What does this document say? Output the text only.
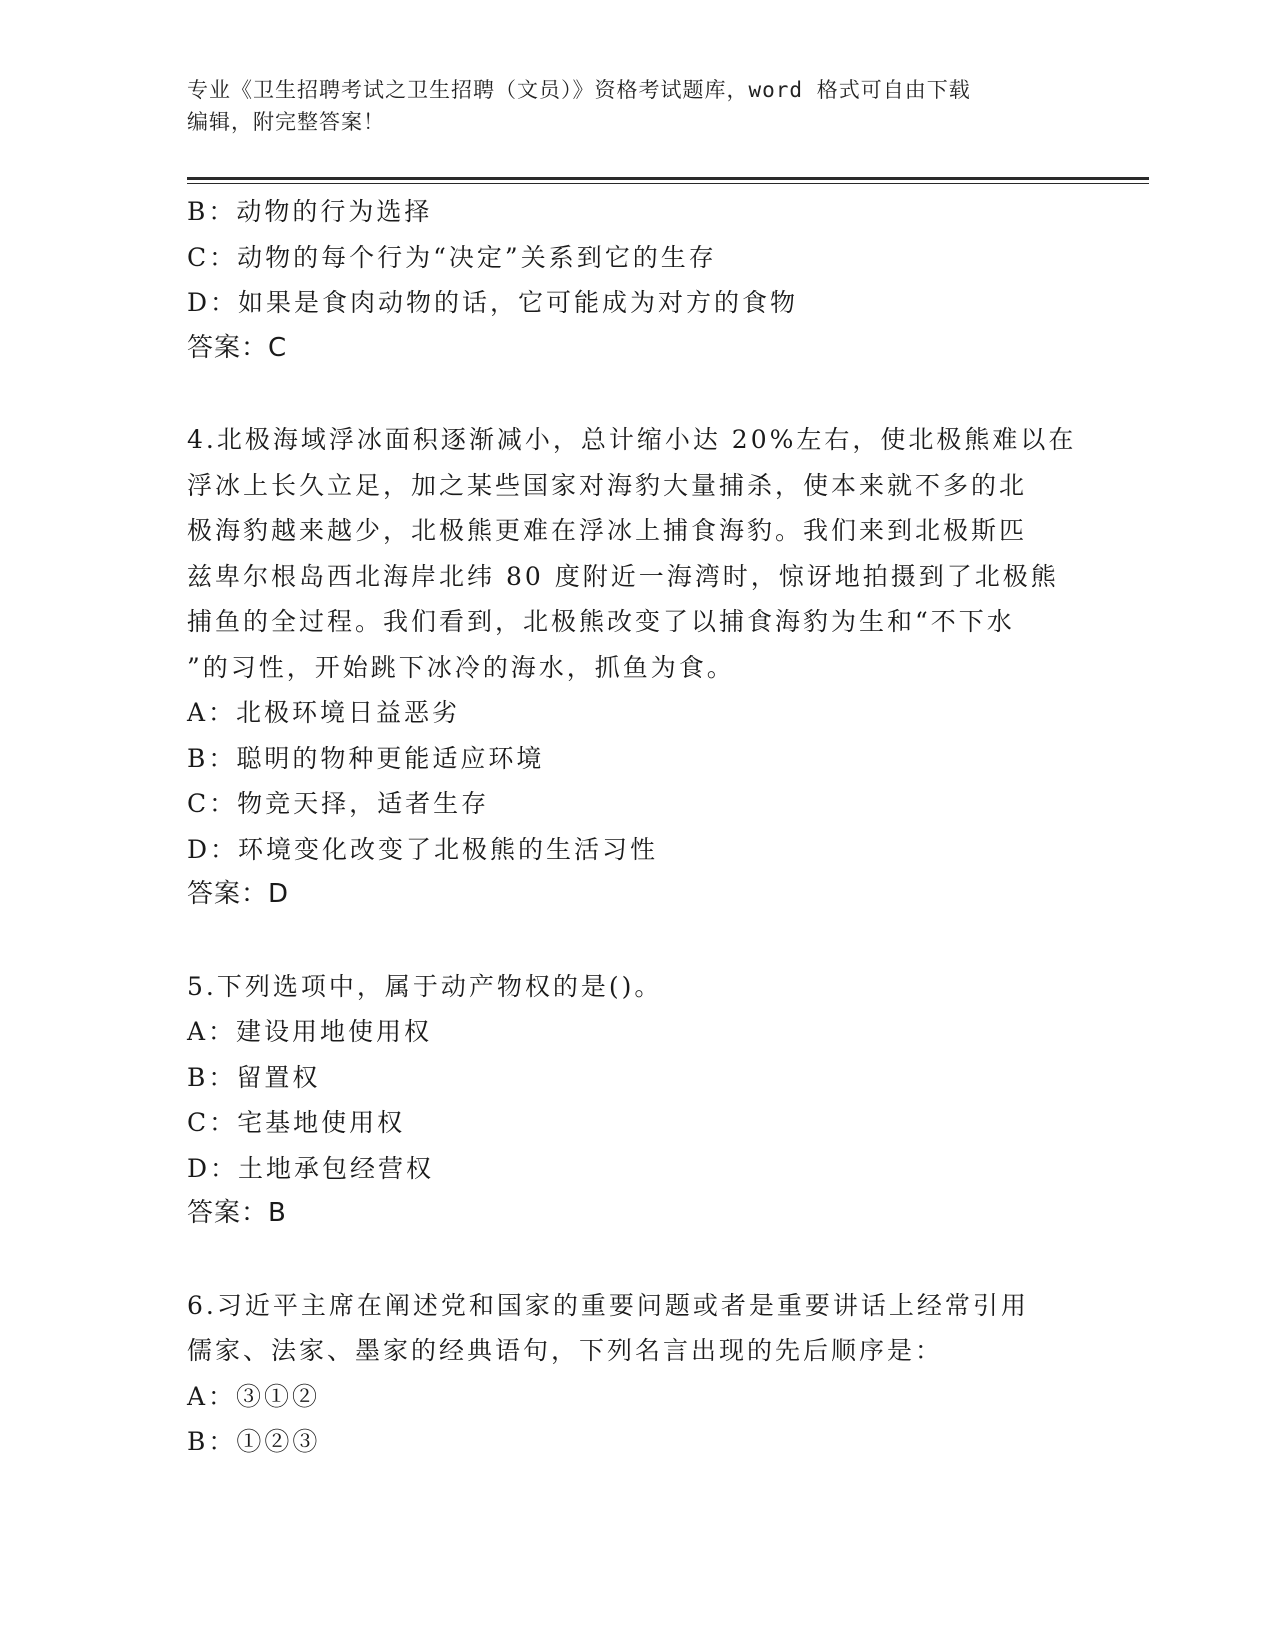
专业《卫生招聘考试之卫生招聘（文员）》资格考试题库，word 格式可自由下载
编辑，附完整答案！
B：动物的行为选择
C：动物的每个行为“决定”关系到它的生存
D：如果是食肉动物的话，它可能成为对方的食物
答案：C
4.北极海域浮冰面积逐渐减小，总计缩小达 20%左右，使北极熊难以在
浮冰上长久立足，加之某些国家对海豹大量捕杀，使本来就不多的北
极海豹越来越少，北极熊更难在浮冰上捕食海豹。我们来到北极斯匹
兹卑尔根岛西北海岸北纬 80 度附近一海湾时，惊讶地拍摄到了北极熊
捕鱼的全过程。我们看到，北极熊改变了以捕食海豹为生和“不下水
”的习性，开始跳下冰冷的海水，抓鱼为食。
A：北极环境日益恶劣
B：聪明的物种更能适应环境
C：物竞天择，适者生存
D：环境变化改变了北极熊的生活习性
答案：D
5.下列选项中，属于动产物权的是()。
A：建设用地使用权
B：留置权
C：宅基地使用权
D：土地承包经营权
答案：B
6.习近平主席在阐述党和国家的重要问题或者是重要讲话上经常引用
儒家、法家、墨家的经典语句，下列名言出现的先后顺序是：
A：③①②
B：①②③
